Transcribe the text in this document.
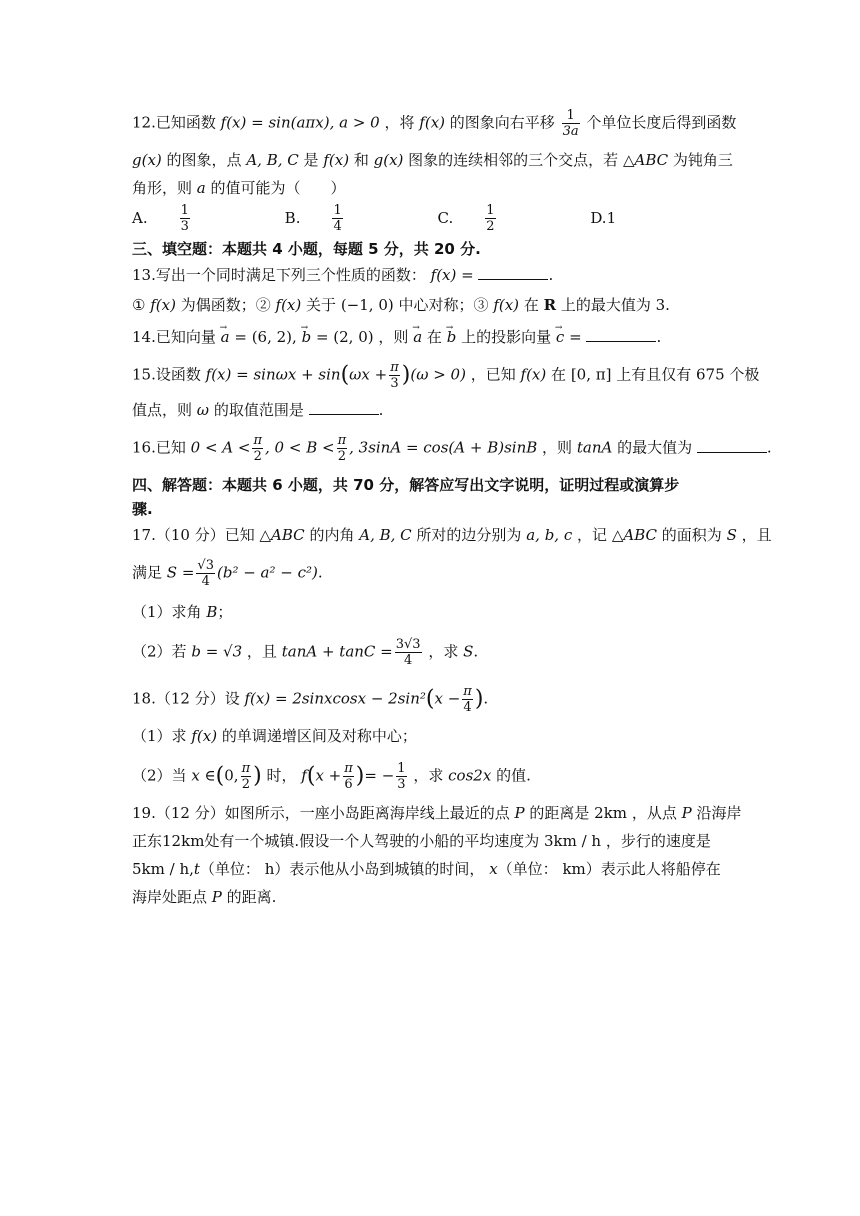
12.已知函数 f(x) = sin(aπx), a > 0 ，将 f(x) 的图象向右平移 $\frac{1}{3a}$ 个单位长度后得到函数

g(x) 的图象，点 A, B, C 是 f(x) 和 g(x) 图象的连续相邻的三个交点，若 △ABC 为钝角三

角形，则 a 的值可能为（　　）

A. $\frac{1}{3}$	B. $\frac{1}{4}$	C. $\frac{1}{2}$	D.1

三、填空题：本题共 4 小题，每题 5 分，共 20 分.

13.写出一个同时满足下列三个性质的函数： f(x) =	.

① f(x) 为偶函数；② f(x) 关于 (−1, 0) 中心对称；③ f(x) 在 R 上的最大值为 3.

14.已知向量 → a = (6, 2), → b = (2, 0) ，则 → a 在 → b 上的投影向量 → c =	.

15.设函数 $f(x) = \sin\omega x + \sin(\omega x + \frac{\pi}{3} )(\omega > 0)$ ，已知 f(x) 在 [0, π] 上有且仅有 675 个极

值点，则 ω 的取值范围是	.

16.已知 $0 < A < \frac{\pi}{2}$ , $0 < B < \frac{\pi}{2}$ , 3sinA = cos(A + B)sinB ，则 tanA 的最大值为	.

四、解答题：本题共 6 小题，共 70 分，解答应写出文字说明，证明过程或演算步

骤.

17.（10 分）已知 △ABC 的内角 A, B, C 所对的边分别为 a, b, c ，记 △ABC 的面积为 S ，且

满足 $S = \frac{√3}{4} (b^2 - a^2 - c^2)$.

（1）求角 B；

（2）若 b = √3 ，且 $\tan A + \tan C = \frac{3√3}{4}$ ，求 S.

18.（12 分）设 f(x) = 2sinxcosx − $2\sin^2(x - \frac{\pi}{4}$ ).

（1）求 f(x) 的单调递增区间及对称中心；

（2）当 x ∈(0, $\frac{\pi}{2}$ ) 时， $f(x + \frac{\pi}{6}$ )= − $\frac{1}{3}$ ，求 cos2x 的值.

19.（12 分）如图所示，一座小岛距离海岸线上最近的点 P 的距离是 2km ，从点 P 沿海岸

正东12km处有一个城镇.假设一个人驾驶的小船的平均速度为 3km / h ，步行的速度是

5km / h,t（单位： h）表示他从小岛到城镇的时间， x（单位： km）表示此人将船停在

海岸处距点 P 的距离.
